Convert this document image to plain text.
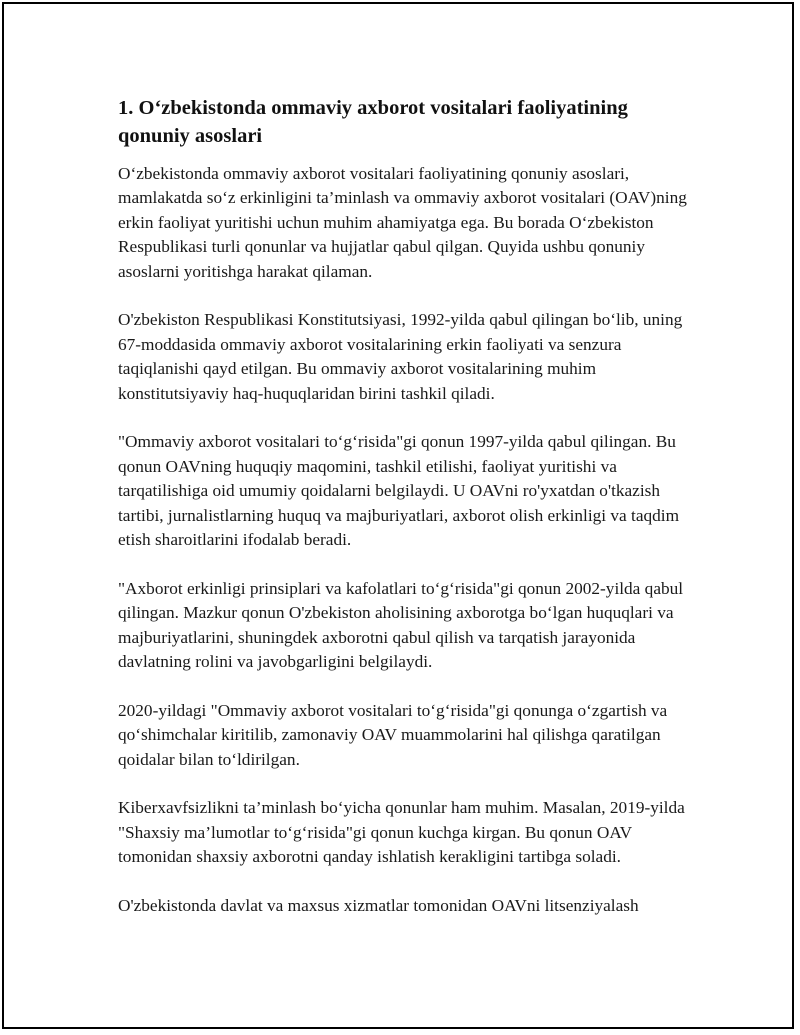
1. O‘zbekistonda ommaviy axborot vositalari faoliyatining qonuniy asoslari

O‘zbekistonda ommaviy axborot vositalari faoliyatining qonuniy asoslari, mamlakatda so‘z erkinligini ta’minlash va ommaviy axborot vositalari (OAV)ning erkin faoliyat yuritishi uchun muhim ahamiyatga ega. Bu borada O‘zbekiston Respublikasi turli qonunlar va hujjatlar qabul qilgan. Quyida ushbu qonuniy asoslarni yoritishga harakat qilaman.

O'zbekiston Respublikasi Konstitutsiyasi, 1992-yilda qabul qilingan bo‘lib, uning 67-moddasida ommaviy axborot vositalarining erkin faoliyati va senzura taqiqlanishi qayd etilgan. Bu ommaviy axborot vositalarining muhim konstitutsiyaviy haq-huquqlaridan birini tashkil qiladi.

"Ommaviy axborot vositalari to‘g‘risida"gi qonun 1997-yilda qabul qilingan. Bu qonun OAVning huquqiy maqomini, tashkil etilishi, faoliyat yuritishi va tarqatilishiga oid umumiy qoidalarni belgilaydi. U OAVni ro'yxatdan o'tkazish tartibi, jurnalistlarning huquq va majburiyatlari, axborot olish erkinligi va taqdim etish sharoitlarini ifodalab beradi.

"Axborot erkinligi prinsiplari va kafolatlari to‘g‘risida"gi qonun 2002-yilda qabul qilingan. Mazkur qonun O'zbekiston aholisining axborotga bo‘lgan huquqlari va majburiyatlarini, shuningdek axborotni qabul qilish va tarqatish jarayonida davlatning rolini va javobgarligini belgilaydi.

2020-yildagi "Ommaviy axborot vositalari to‘g‘risida"gi qonunga o‘zgartish va qo‘shimchalar kiritilib, zamonaviy OAV muammolarini hal qilishga qaratilgan qoidalar bilan to‘ldirilgan.

Kiberxavfsizlikni ta’minlash bo‘yicha qonunlar ham muhim. Masalan, 2019-yilda "Shaxsiy ma’lumotlar to‘g‘risida"gi qonun kuchga kirgan. Bu qonun OAV tomonidan shaxsiy axborotni qanday ishlatish kerakligini tartibga soladi.

O'zbekistonda davlat va maxsus xizmatlar tomonidan OAVni litsenziyalash
